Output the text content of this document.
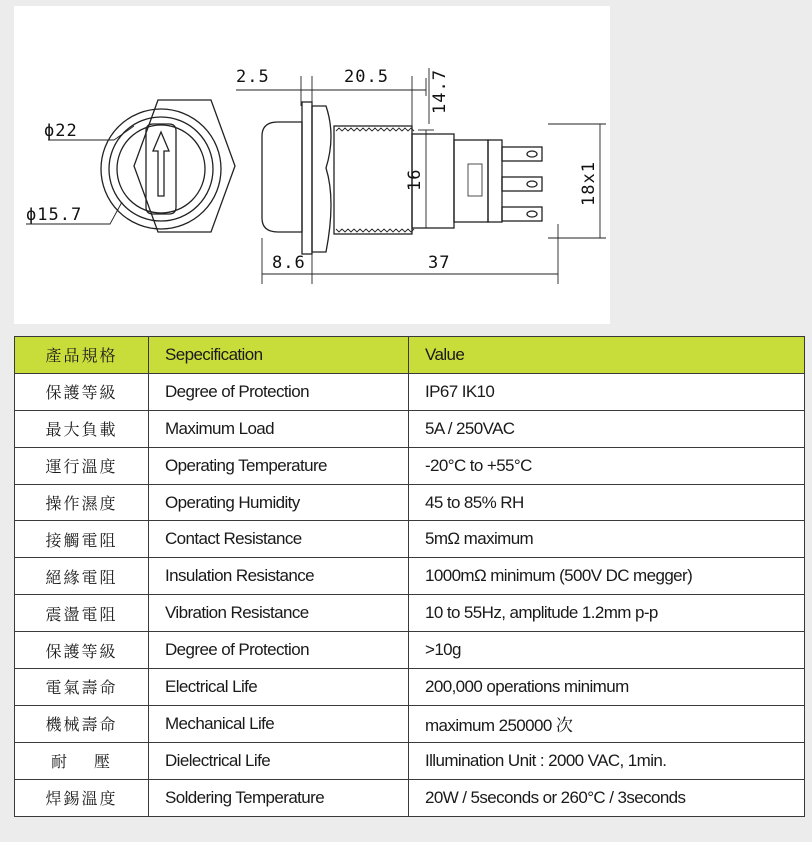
ϕ22
ϕ15.7
2.5	20.5 14.7
16	18x1
8.6	37
產品規格	Sepecification	Value
保護等級	Degree of Protection	IP67 IK10
最大負載	Maximum Load	5A / 250VAC
運行溫度	Operating Temperature	-20°C to +55°C
操作濕度	Operating Humidity	45 to 85% RH
接觸電阻	Contact Resistance	5mΩ maximum
絕緣電阻	Insulation Resistance	1000mΩ minimum (500V DC megger)
震盪電阻	Vibration Resistance	10 to 55Hz, amplitude 1.2mm p-p
保護等級	Degree of Protection	>10g
電氣壽命	Electrical Life	200,000 operations minimum
機械壽命	Mechanical Life	maximum 250000 次
耐　 壓	Dielectrical Life	Illumination Unit : 2000 VAC, 1min.
焊錫溫度	Soldering Temperature	20W / 5seconds or 260°C / 3seconds
